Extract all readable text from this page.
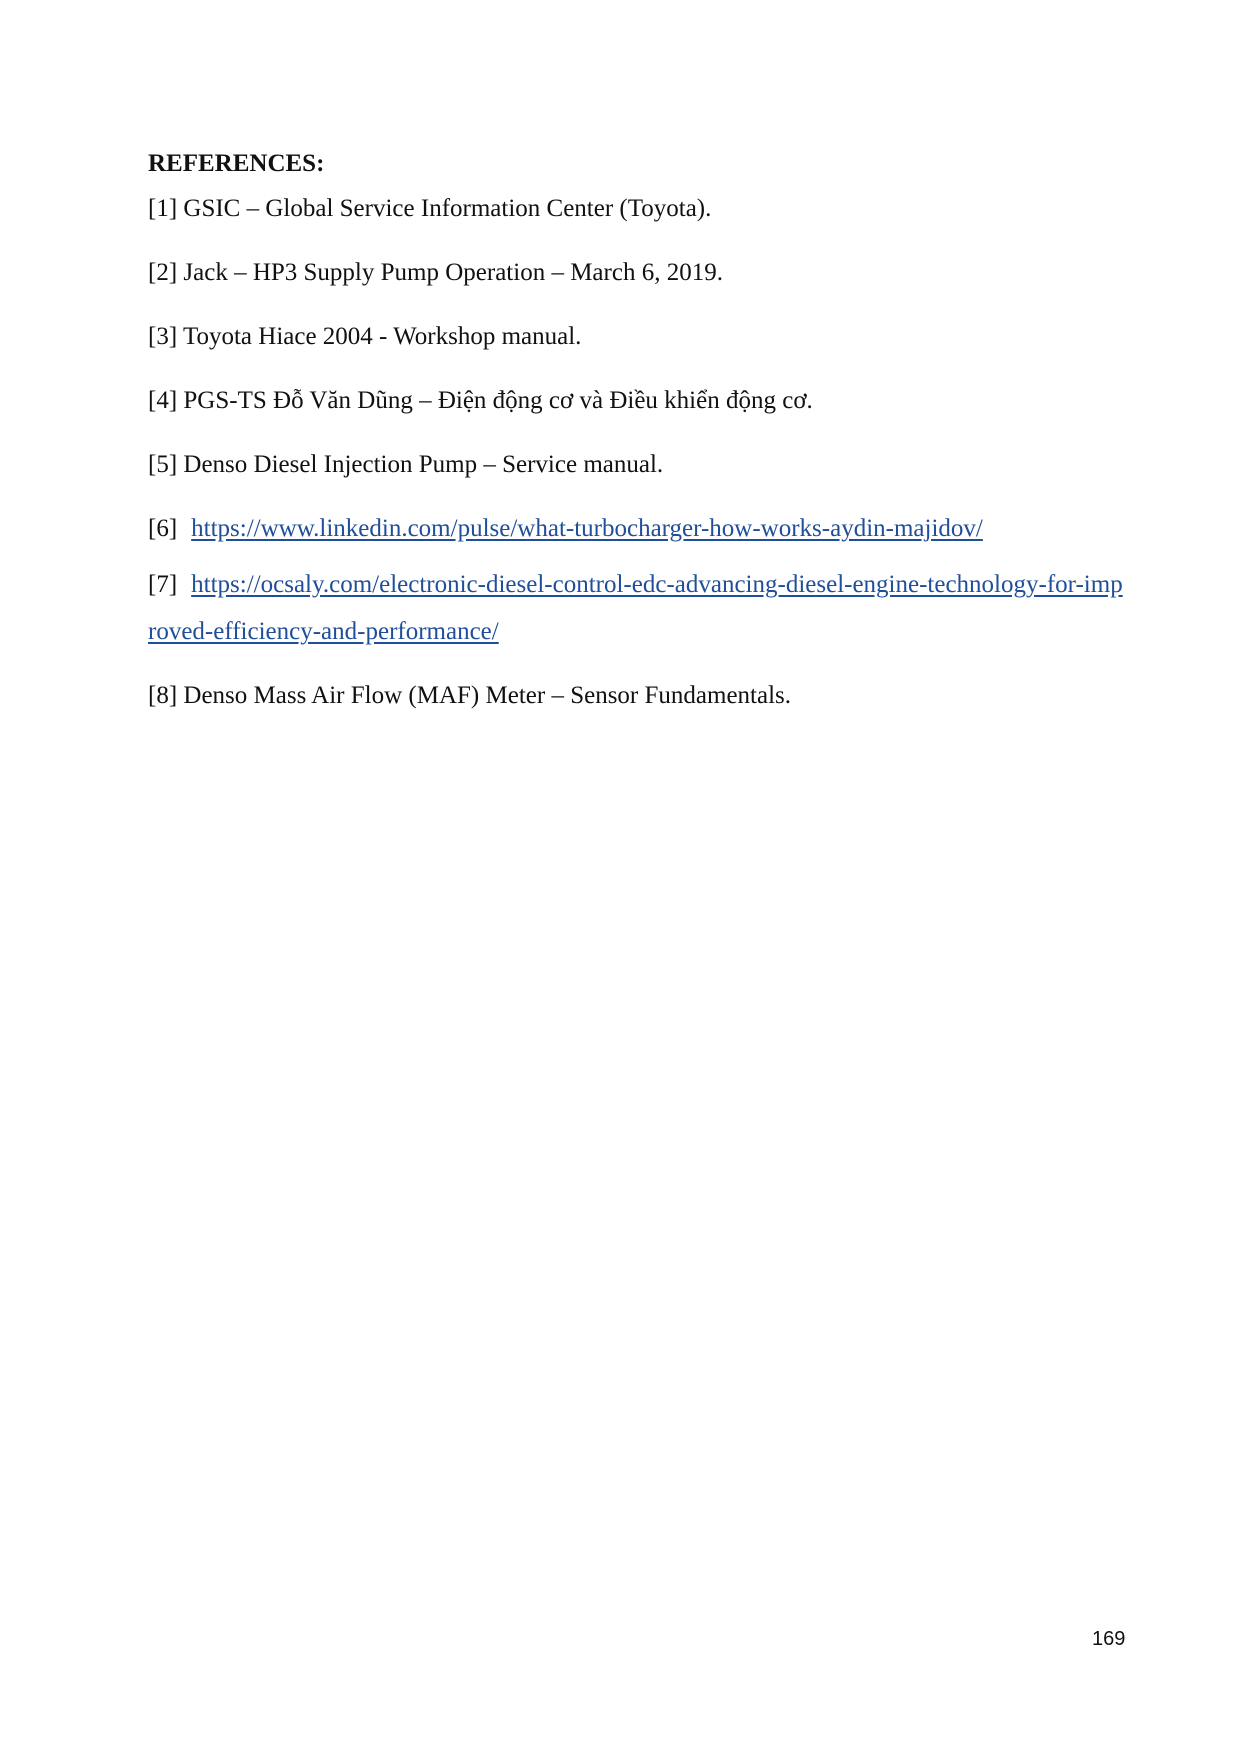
REFERENCES:
[1] GSIC – Global Service Information Center (Toyota).
[2] Jack – HP3 Supply Pump Operation – March 6, 2019.
[3] Toyota Hiace 2004 - Workshop manual.
[4] PGS-TS Đỗ Văn Dũng – Điện động cơ và Điều khiển động cơ.
[5] Denso Diesel Injection Pump – Service manual.
[6] https://www.linkedin.com/pulse/what-turbocharger-how-works-aydin-majidov/
[7] https://ocsaly.com/electronic-diesel-control-edc-advancing-diesel-engine-technology-for-improved-efficiency-and-performance/
[8] Denso Mass Air Flow (MAF) Meter – Sensor Fundamentals.
169
